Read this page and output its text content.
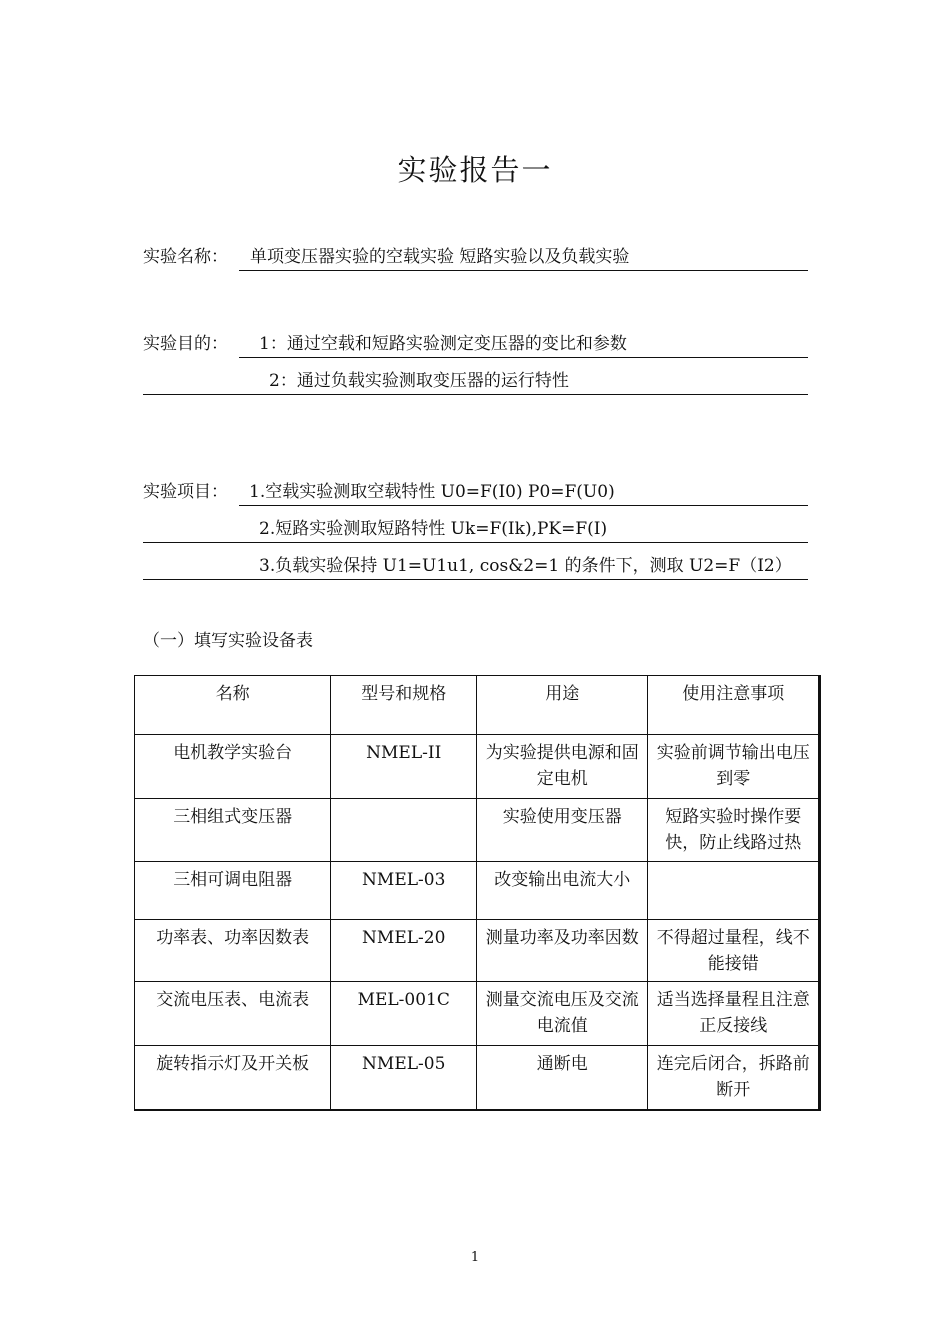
实验报告一
实验名称： 单项变压器实验的空载实验 短路实验以及负载实验
实验目的： 1：通过空载和短路实验测定变压器的变比和参数
2：通过负载实验测取变压器的运行特性
实验项目： 1.空载实验测取空载特性 U0=F(I0) P0=F(U0)
2.短路实验测取短路特性 Uk=F(Ik),PK=F(I)
3.负载实验保持 U1=U1u1, cos&2=1 的条件下，测取 U2=F（I2）
（一）填写实验设备表
名称	型号和规格	用途	使用注意事项
电机教学实验台	NMEL-II	为实验提供电源和固定电机	实验前调节输出电压到零
三相组式变压器		实验使用变压器	短路实验时操作要快，防止线路过热
三相可调电阻器	NMEL-03	改变输出电流大小	
功率表、功率因数表	NMEL-20	测量功率及功率因数	不得超过量程，线不能接错
交流电压表、电流表	MEL-001C	测量交流电压及交流电流值	适当选择量程且注意正反接线
旋转指示灯及开关板	NMEL-05	通断电	连完后闭合，拆路前断开
1
